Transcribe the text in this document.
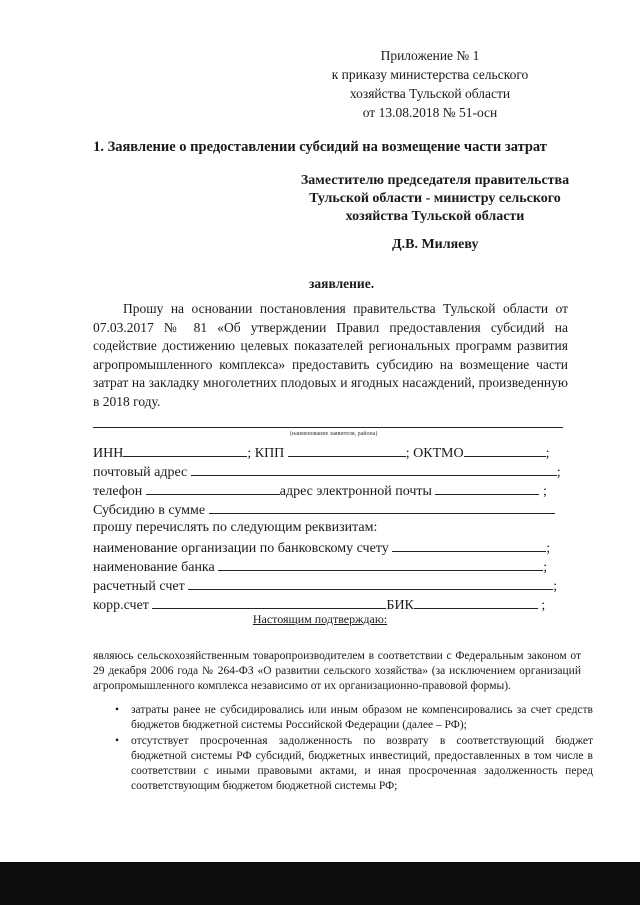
Приложение № 1
к приказу министерства сельского
хозяйства Тульской области
от 13.08.2018 № 51-осн
1. Заявление о предоставлении субсидий на возмещение части затрат
Заместителю председателя правительства
Тульской области - министру сельского
хозяйства Тульской области
Д.В. Миляеву
заявление.
Прошу на основании постановления правительства Тульской области от 07.03.2017 № 81 «Об утверждении Правил предоставления субсидий на содействие достижению целевых показателей региональных программ развития агропромышленного комплекса» предоставить субсидию на возмещение части затрат на закладку многолетних плодовых и ягодных насаждений, произведенную в 2018 году.
(наименование заявителя, района)
ИНН	; КПП	; ОКТМО	;
почтовый адрес	;
телефон	адрес электронной почты	;
Субсидию в сумме
прошу перечислять по следующим реквизитам:
наименование организации по банковскому счету	;
наименование банка	;
расчетный счет	;
корр.счет	БИК	;
Настоящим подтверждаю:
являюсь сельскохозяйственным товаропроизводителем в соответствии с Федеральным законом от 29 декабря 2006 года № 264-ФЗ «О развитии сельского хозяйства» (за исключением организаций агропромышленного комплекса независимо от их организационно-правовой формы).
• затраты ранее не субсидировались или иным образом не компенсировались за счет средств бюджетов бюджетной системы Российской Федерации (далее – РФ);
• отсутствует просроченная задолженность по возврату в соответствующий бюджет бюджетной системы РФ субсидий, бюджетных инвестиций, предоставленных в том числе в соответствии с иными правовыми актами, и иная просроченная задолженность перед соответствующим бюджетом бюджетной системы РФ;
